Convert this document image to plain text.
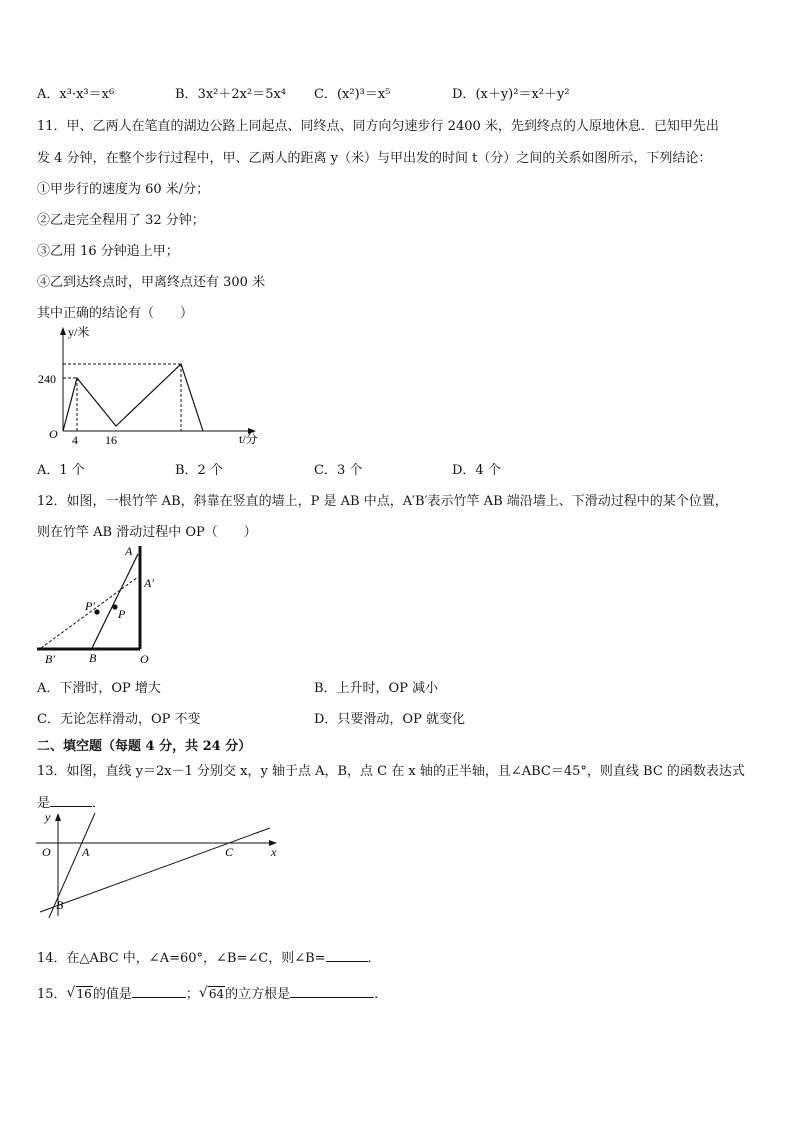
A．x³·x³＝x⁶	B．3x²＋2x²＝5x⁴ C．(x²)³＝x⁵	D．(x＋y)²＝x²＋y²
11．甲、乙两人在笔直的湖边公路上同起点、同终点、同方向匀速步行 2400 米，先到终点的人原地休息．已知甲先出
发 4 分钟，在整个步行过程中，甲、乙两人的距离 y（米）与甲出发的时间 t（分）之间的关系如图所示，下列结论：
①甲步行的速度为 60 米/分；
②乙走完全程用了 32 分钟；
③乙用 16 分钟追上甲；
④乙到达终点时，甲离终点还有 300 米
其中正确的结论有（　　）
y/米
t/分
O
240
4 16
A．1 个	B．2 个	C．3 个	D．4 个
12．如图，一根竹竿 AB，斜靠在竖直的墙上，P 是 AB 中点，A′B′表示竹竿 AB 端沿墙上、下滑动过程中的某个位置，
则在竹竿 AB 滑动过程中 OP（　　）
A
A′
P′
P
B
B′	O
A．下滑时，OP 增大	B．上升时，OP 减小
C．无论怎样滑动，OP 不变	D．只要滑动，OP 就变化
二、填空题（每题 4 分，共 24 分）
13．如图，直线 y＝2x－1 分别交 x，y 轴于点 A，B，点 C 在 x 轴的正半轴，且∠ABC＝45°，则直线 BC 的函数表达式
是	．
y
x
O	A	C
B
14．在△ABC 中，∠A=60°，∠B=∠C，则∠B=	．
15． √ 16的值是	； √ 64的立方根是	.
